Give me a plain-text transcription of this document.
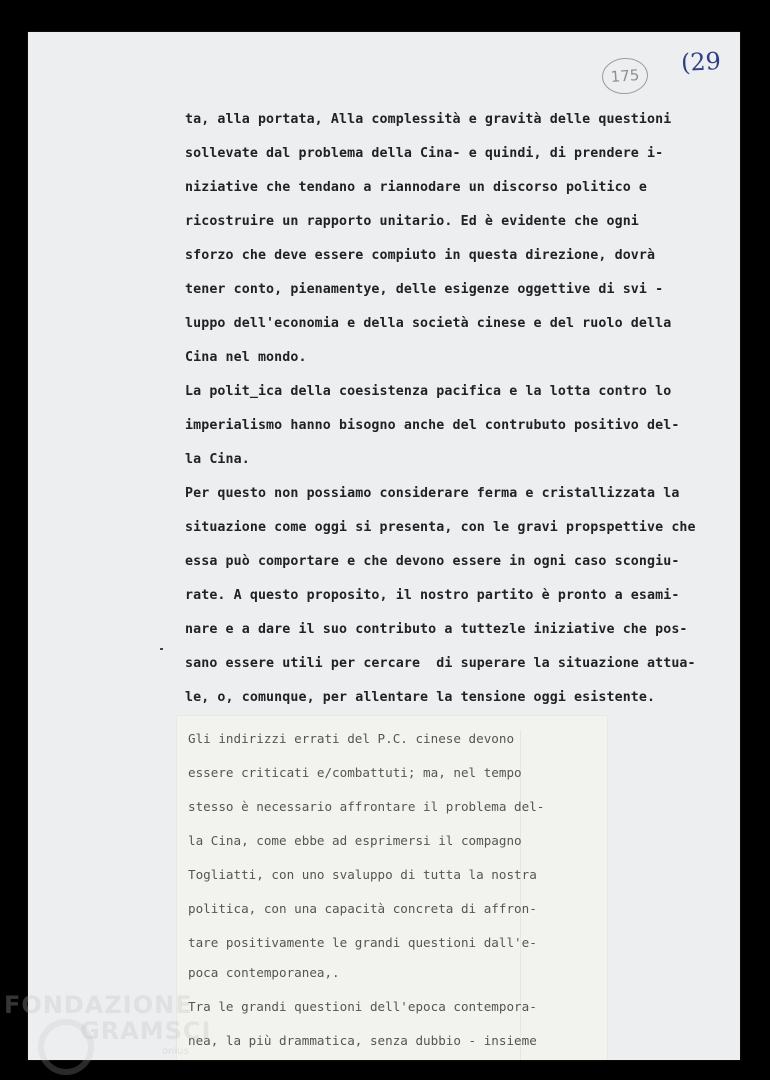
175	(29
ta, alla portata, Alla complessità e gravità delle questioni
sollevate dal problema della Cina- e quindi, di prendere i-
niziative che tendano a riannodare un discorso politico e
ricostruire un rapporto unitario. Ed è evidente che ogni
sforzo che deve essere compiuto in questa direzione, dovrà
tener conto, pienamentye, delle esigenze oggettive di svi -
luppo dell'economia e della società cinese e del ruolo della
Cina nel mondo.
La polit_ica della coesistenza pacifica e la lotta contro lo
imperialismo hanno bisogno anche del contrubuto positivo del-
la Cina.
Per questo non possiamo considerare ferma e cristallizzata la
situazione come oggi si presenta, con le gravi propspettive che
essa può comportare e che devono essere in ogni caso scongiu-
rate. A questo proposito, il nostro partito è pronto a esami-
nare e a dare il suo contributo a tuttezle iniziative che pos-
sano essere utili per cercare  di superare la situazione attua-
le, o, comunque, per allentare la tensione oggi esistente.
Gli indirizzi errati del P.C. cinese devono
essere criticati e/combattuti; ma, nel tempo
stesso è necessario affrontare il problema del-
la Cina, come ebbe ad esprimersi il compagno
Togliatti, con uno svaluppo di tutta la nostra
politica, con una capacità concreta di affron-
tare positivamente le grandi questioni dall'e-
poca contemporanea,.
Tra le grandi questioni dell'epoca contempora-
nea, la più drammatica, senza dubbio - insieme
FONDAZIONE
GRAMSCI
onlus
